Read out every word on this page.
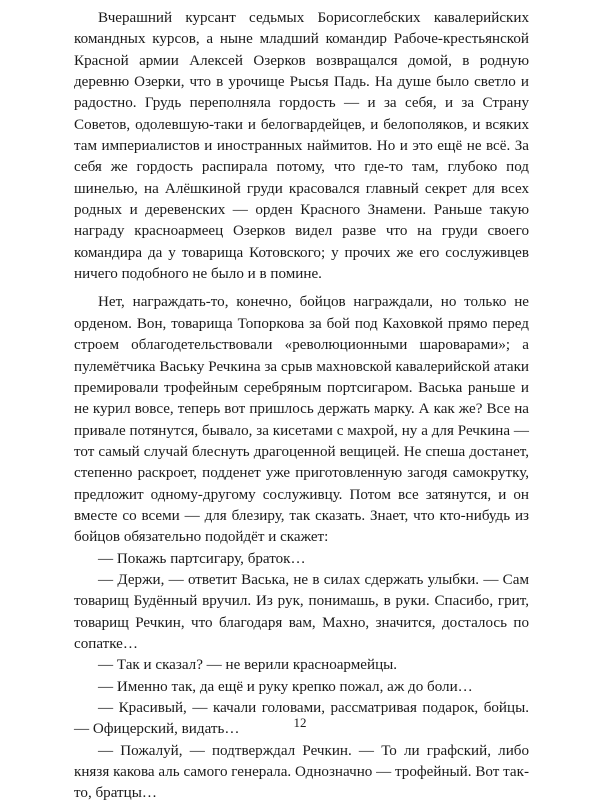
Вчерашний курсант седьмых Борисоглебских кавалерийских командных курсов, а ныне младший командир Рабоче-крестьянской Красной армии Алексей Озерков возвращался домой, в родную деревню Озерки, что в урочище Рысья Падь. На душе было светло и радостно. Грудь переполняла гордость — и за себя, и за Страну Советов, одолевшую-таки и белогвардейцев, и белополяков, и всяких там империалистов и иностранных наймитов. Но и это ещё не всё. За себя же гордость распирала потому, что где-то там, глубоко под шинелью, на Алёшкиной груди красовался главный секрет для всех родных и деревенских — орден Красного Знамени. Раньше такую награду красноармеец Озерков видел разве что на груди своего командира да у товарища Котовского; у прочих же его сослуживцев ничего подобного не было и в помине.

Нет, награждать-то, конечно, бойцов награждали, но только не орденом. Вон, товарища Топоркова за бой под Каховкой прямо перед строем облагодетельствовали «революционными шароварами»; а пулемётчика Ваську Речкина за срыв махновской кавалерийской атаки премировали трофейным серебряным портсигаром. Васька раньше и не курил вовсе, теперь вот пришлось держать марку. А как же? Все на привале потянутся, бывало, за кисетами с махрой, ну а для Речкина — тот самый случай блеснуть драгоценной вещицей. Не спеша достанет, степенно раскроет, подденет уже приготовленную загодя самокрутку, предложит одному-другому сослуживцу. Потом все затянутся, и он вместе со всеми — для блезиру, так сказать. Знает, что кто-нибудь из бойцов обязательно подойдёт и скажет:

— Покажь партсигару, браток…

— Держи, — ответит Васька, не в силах сдержать улыбки. — Сам товарищ Будённый вручил. Из рук, понимашь, в руки. Спасибо, грит, товарищ Речкин, что благодаря вам, Махно, значится, досталось по сопатке…

— Так и сказал? — не верили красноармейцы.

— Именно так, да ещё и руку крепко пожал, аж до боли…

— Красивый, — качали головами, рассматривая подарок, бойцы. — Офицерский, видать…

— Пожалуй, — подтверждал Речкин. — То ли графский, либо князя какова аль самого генерала. Однозначно — трофейный. Вот так-то, братцы…

12
